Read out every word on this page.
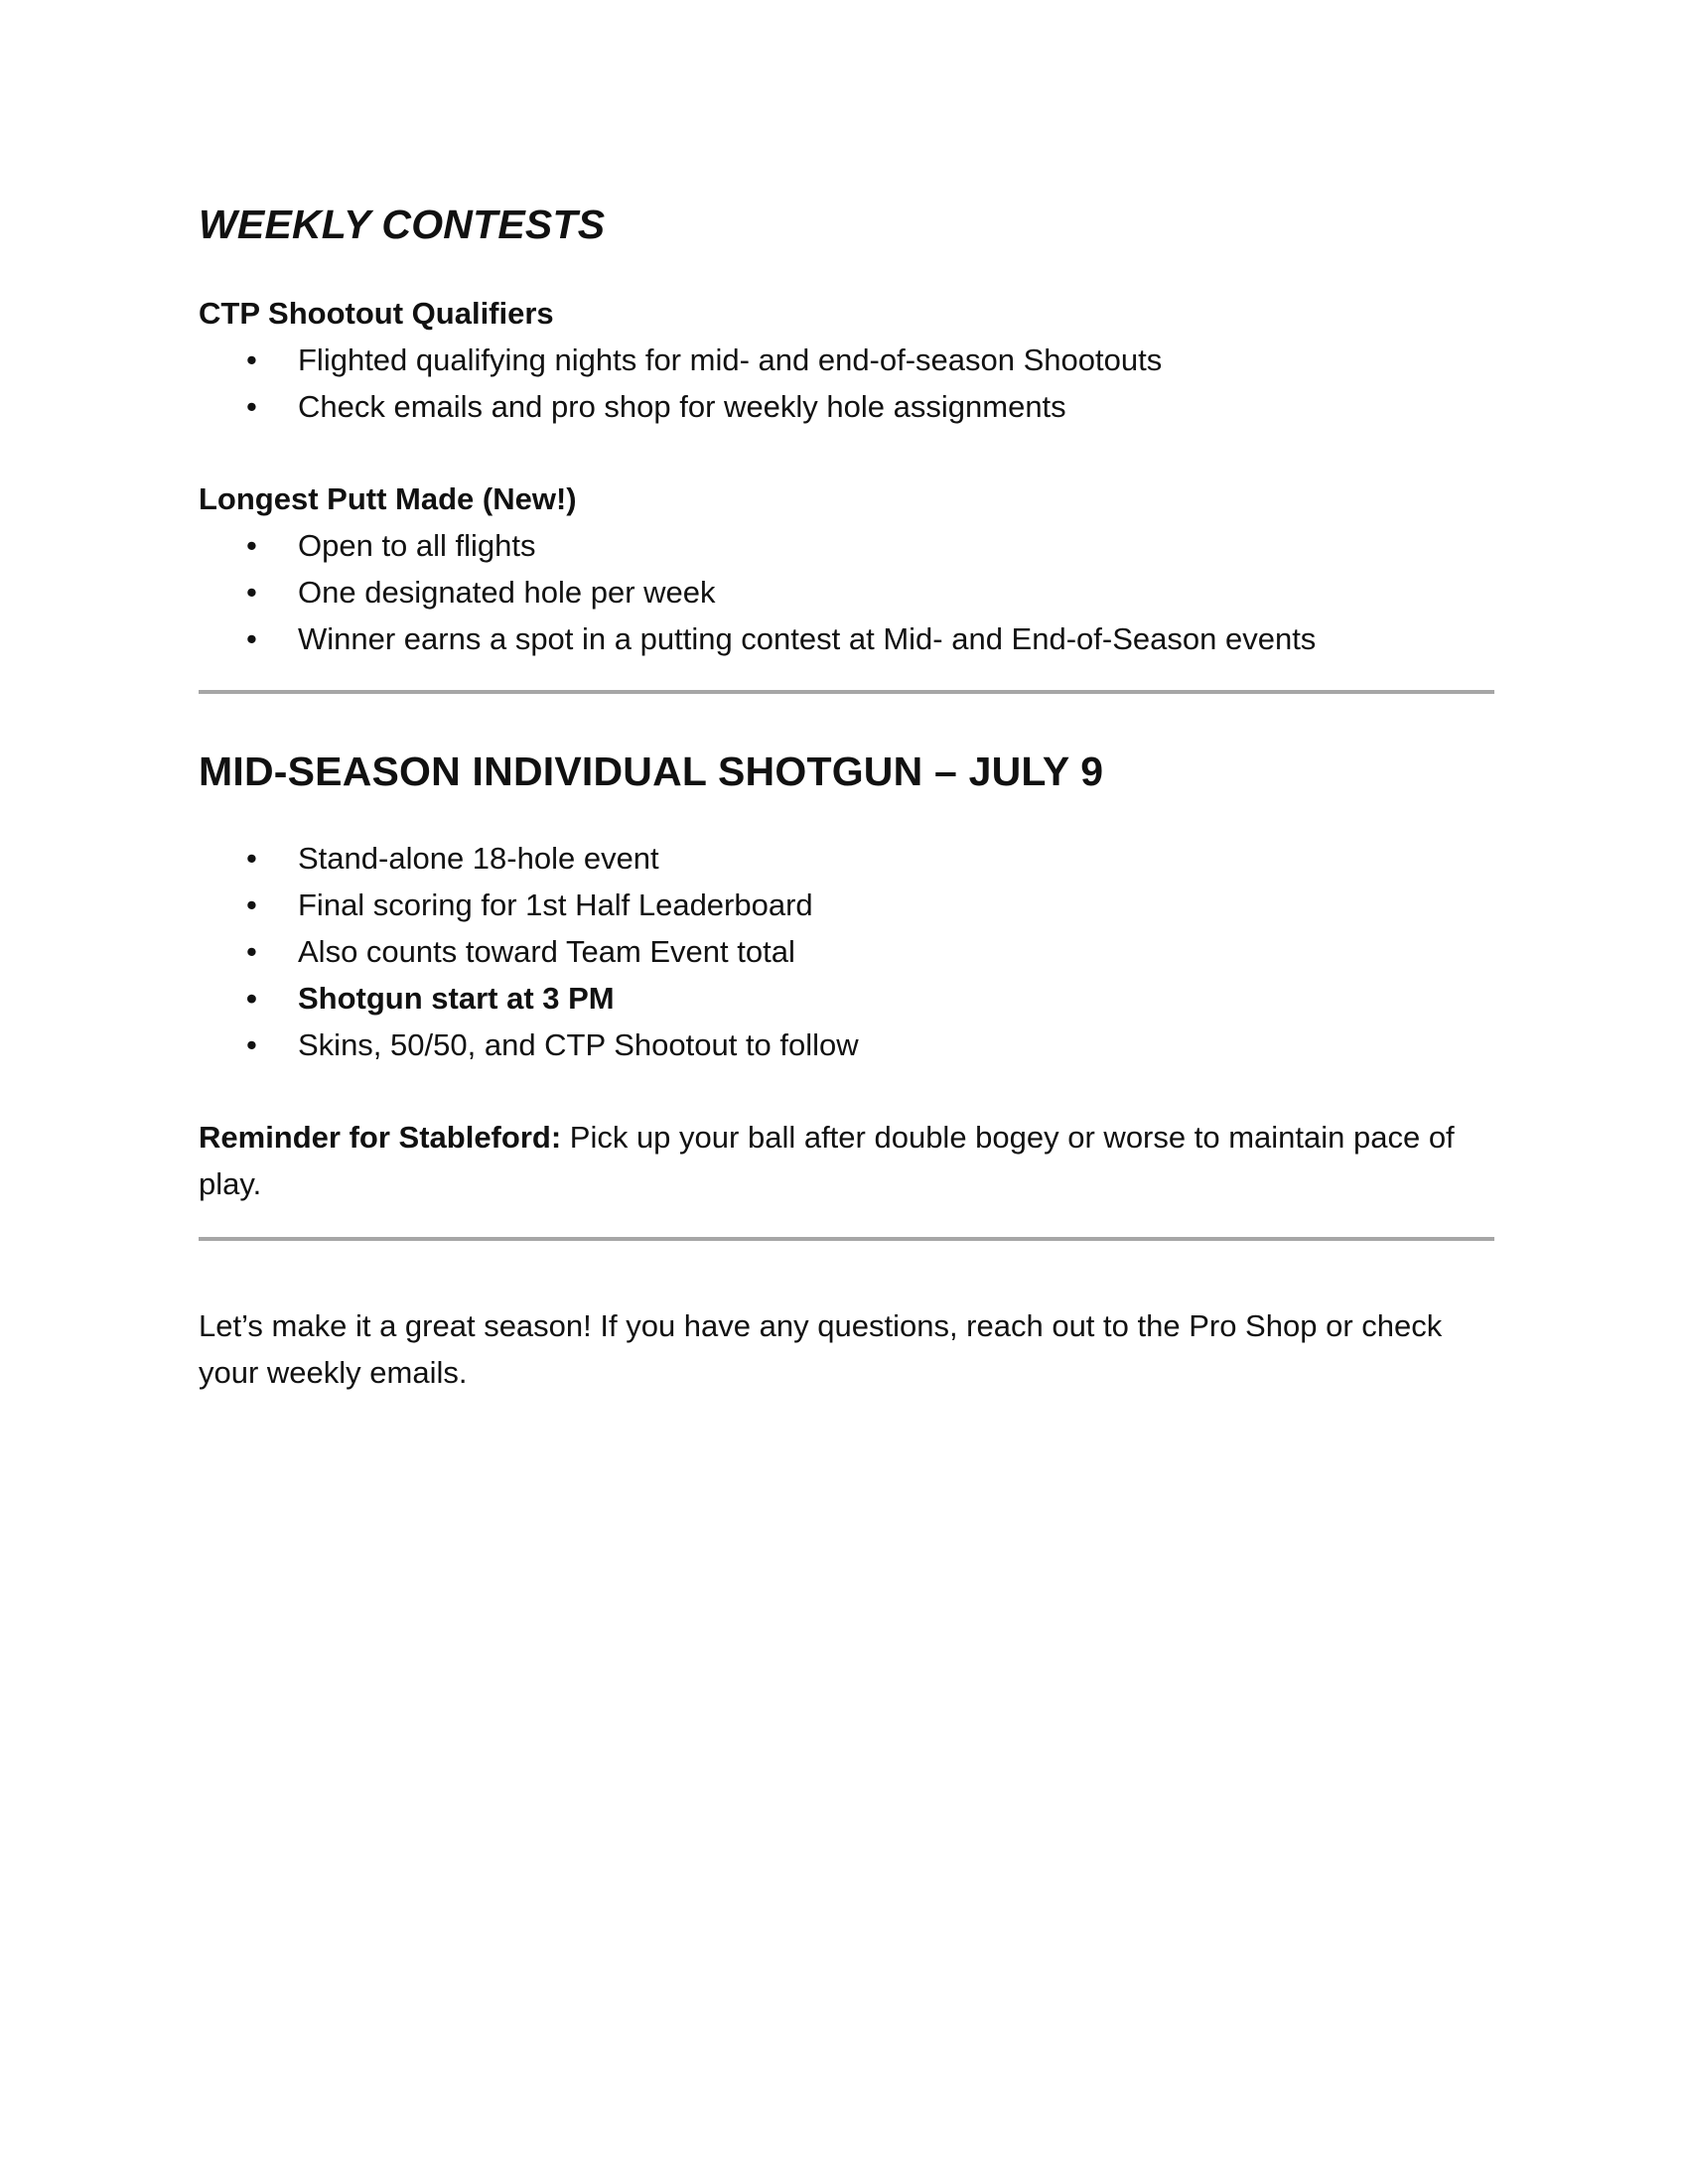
WEEKLY CONTESTS
CTP Shootout Qualifiers
• Flighted qualifying nights for mid- and end-of-season Shootouts
• Check emails and pro shop for weekly hole assignments
Longest Putt Made (New!)
• Open to all flights
• One designated hole per week
• Winner earns a spot in a putting contest at Mid- and End-of-Season events
MID-SEASON INDIVIDUAL SHOTGUN – JULY 9
• Stand-alone 18-hole event
• Final scoring for 1st Half Leaderboard
• Also counts toward Team Event total
• Shotgun start at 3 PM
• Skins, 50/50, and CTP Shootout to follow

Reminder for Stableford: Pick up your ball after double bogey or worse to maintain pace of play.

Let’s make it a great season! If you have any questions, reach out to the Pro Shop or check your weekly emails.
